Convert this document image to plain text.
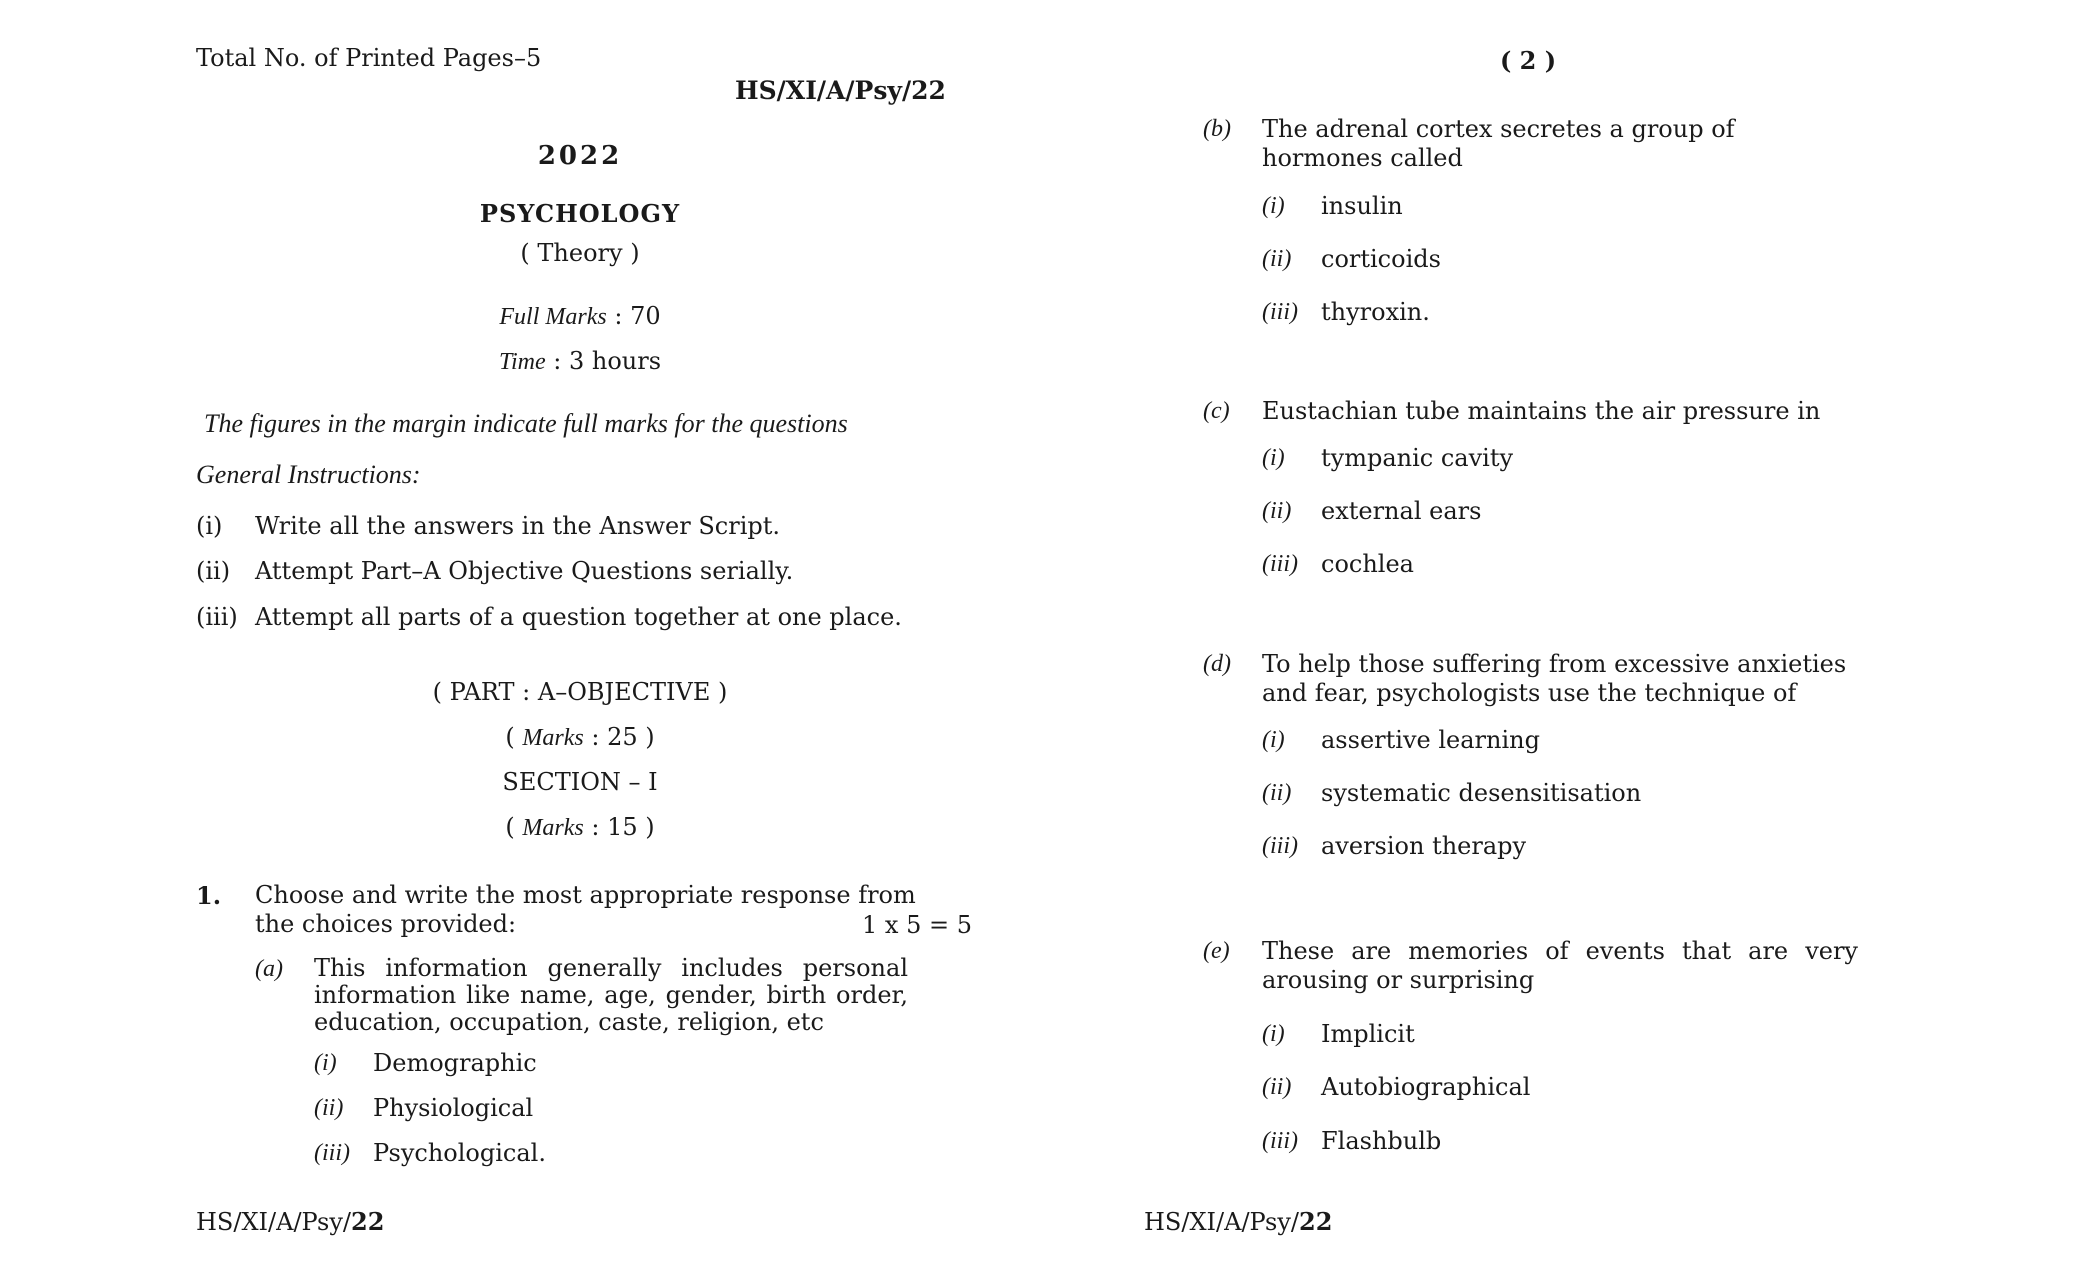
Total No. of Printed Pages–5
HS/XI/A/Psy/22
2022
PSYCHOLOGY
( Theory )
Full Marks : 70
Time : 3 hours
The figures in the margin indicate full marks for the questions
General Instructions:
(i) Write all the answers in the Answer Script.
(ii) Attempt Part–A Objective Questions serially.
(iii) Attempt all parts of a question together at one place.
( PART : A–OBJECTIVE )
( Marks : 25 )
SECTION – I
( Marks : 15 )
1. Choose and write the most appropriate response from
the choices provided:	1 x 5 = 5
(a) This information generally includes personal information like name, age, gender, birth order, education, occupation, caste, religion, etc
(i) Demographic
(ii) Physiological
(iii) Psychological.
HS/XI/A/Psy/22
( 2 )
(b) The adrenal cortex secretes a group of hormones called
(i) insulin
(ii) corticoids
(iii) thyroxin.
(c) Eustachian tube maintains the air pressure in
(i) tympanic cavity
(ii) external ears
(iii) cochlea
(d) To help those suffering from excessive anxieties and fear, psychologists use the technique of
(i) assertive learning
(ii) systematic desensitisation
(iii) aversion therapy
(e) These are memories of events that are very arousing or surprising
(i) Implicit
(ii) Autobiographical
(iii) Flashbulb
HS/XI/A/Psy/22
